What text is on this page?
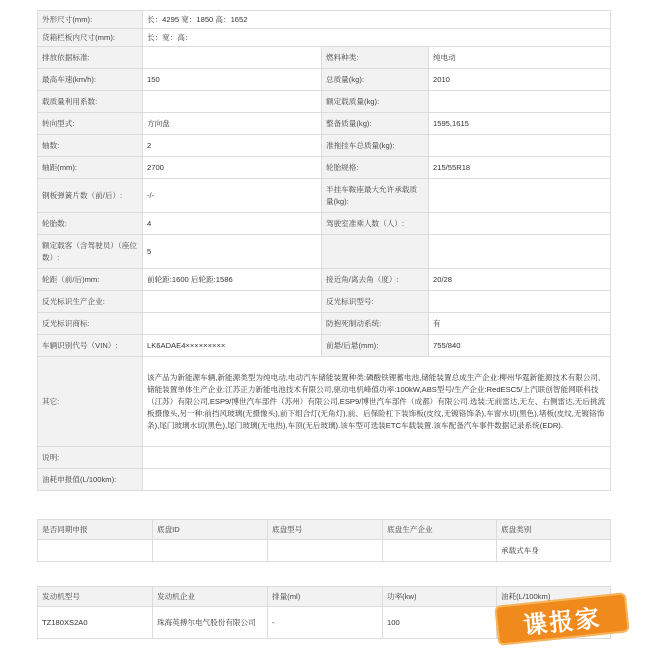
外形尺寸(mm):	长：4295 宽：1850 高：1652		
货箱栏板内尺寸(mm):	长：宽：高：		
排放依据标准:		燃料种类:	纯电动
最高车速(km/h):	150	总质量(kg):	2010
载质量利用系数:		额定载质量(kg):	
转向型式:	方向盘	整备质量(kg):	1595,1615
轴数:	2	准拖挂车总质量(kg):	
轴距(mm):	2700	轮胎规格:	215/55R18
钢板弹簧片数（前/后）:	-/-	半挂车鞍座最大允许承载质量(kg):	
轮胎数:	4	驾驶室准乘人数（人）:	
额定载客（含驾驶员）（座位数）:	5		
轮距（前/后)mm:	前轮距:1600 后轮距:1586	接近角/离去角（度）:	20/28
反光标识生产企业:		反光标识型号:	
反光标识商标:		防抱死制动系统:	有
车辆识别代号（VIN）:	LK6ADAE4×××××××××	前悬/后悬(mm):	755/840
其它:	该产品为新能源车辆,新能源类型为纯电动,电动汽车储能装置种类:磷酸铁锂蓄电池,储能装置总成生产企业:柳州华霆新能源技术有限公司,储能装置单体生产企业:江苏正力新能电池技术有限公司,驱动电机峰值功率:100kW,ABS型号/生产企业:RedESC5/上汽联创智能网联科技（江苏）有限公司,ESP9/博世汽车部件（苏州）有限公司,ESP9/博世汽车部件（成都）有限公司.选装:无前雷达,无左、右侧雷达,无后挑流板摄像头,另一种:前挡风玻璃(无摄像头),前下组合灯(无角灯),前、后保险杠下装饰板(皮纹,无镀铬饰条),车窗水切(黑色),堵板(皮纹,无镀铬饰条),尾门玻璃水切(黑色),尾门玻璃(无电热),车顶(无后玻璃).该车型可选装ETC车载装置.该车配备汽车事件数据记录系统(EDR).		
说明:			
油耗申报值(L/100km):			
是否同期申报	底盘ID	底盘型号	底盘生产企业	底盘类别
				承载式车身
发动机型号	发动机企业	排量(ml)	功率(kw)	油耗(L/100km)
TZ180XS2A0	珠海英搏尔电气股份有限公司	-	100		谍报家
